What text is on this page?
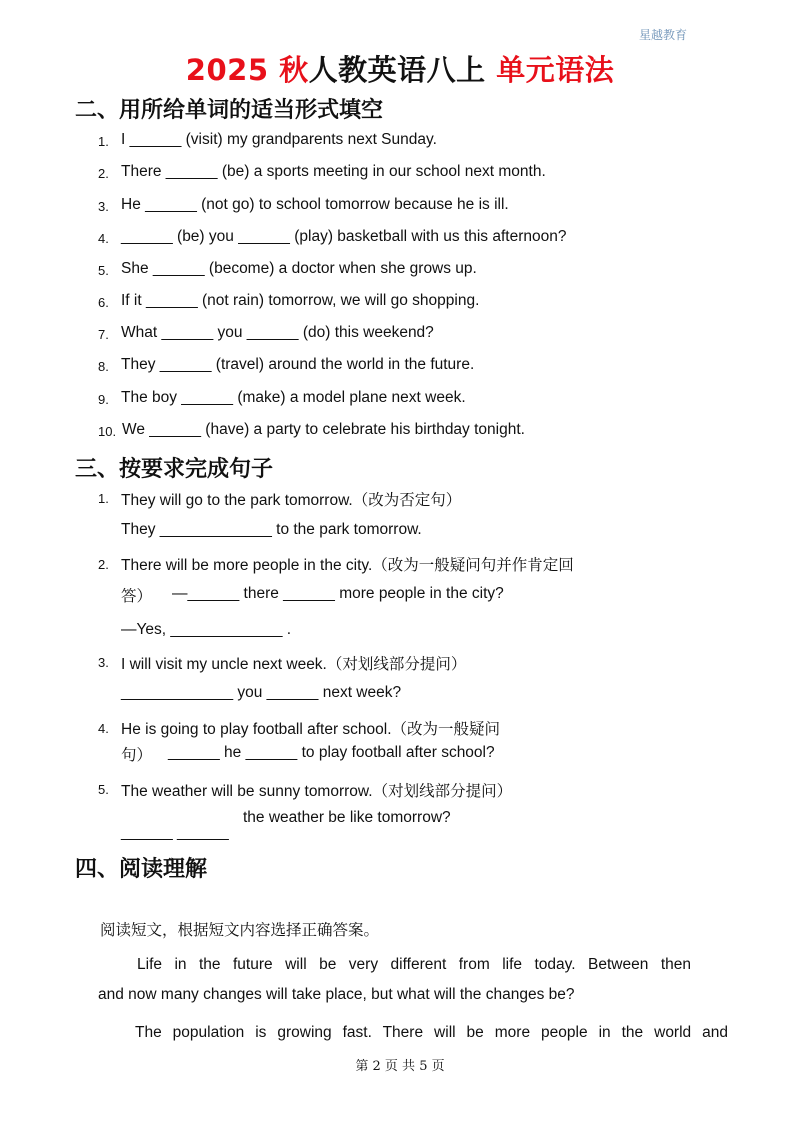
星越教育
2025 秋人教英语八上 单元语法
二、用所给单词的适当形式填空
1. I ______ (visit) my grandparents next Sunday.
2. There ______ (be) a sports meeting in our school next month.
3. He ______ (not go) to school tomorrow because he is ill.
4. ______ (be) you ______ (play) basketball with us this afternoon?
5. She ______ (become) a doctor when she grows up.
6. If it ______ (not rain) tomorrow, we will go shopping.
7. What ______ you ______ (do) this weekend?
8. They ______ (travel) around the world in the future.
9. The boy ______ (make) a model plane next week.
10. We ______ (have) a party to celebrate his birthday tonight.
三、按要求完成句子
1. They will go to the park tomorrow.（改为否定句）
They _____________ to the park tomorrow.
2. There will be more people in the city.（改为一般疑问句并作肯定回
答） —______ there ______ more people in the city?
—Yes, _____________ .
3. I will visit my uncle next week.（对划线部分提问）
_____________ you ______ next week?
4. He is going to play football after school.（改为一般疑问
句） ______ he ______ to play football after school?
5. The weather will be sunny tomorrow.（对划线部分提问）
the weather be like tomorrow?
______ ______
四、阅读理解
阅读短文，根据短文内容选择正确答案。
Life in the future will be very different from life today. Between then
and now many changes will take place, but what will the changes be?
The population is growing fast. There will be more people in the world and
第 2 页 共 5 页
